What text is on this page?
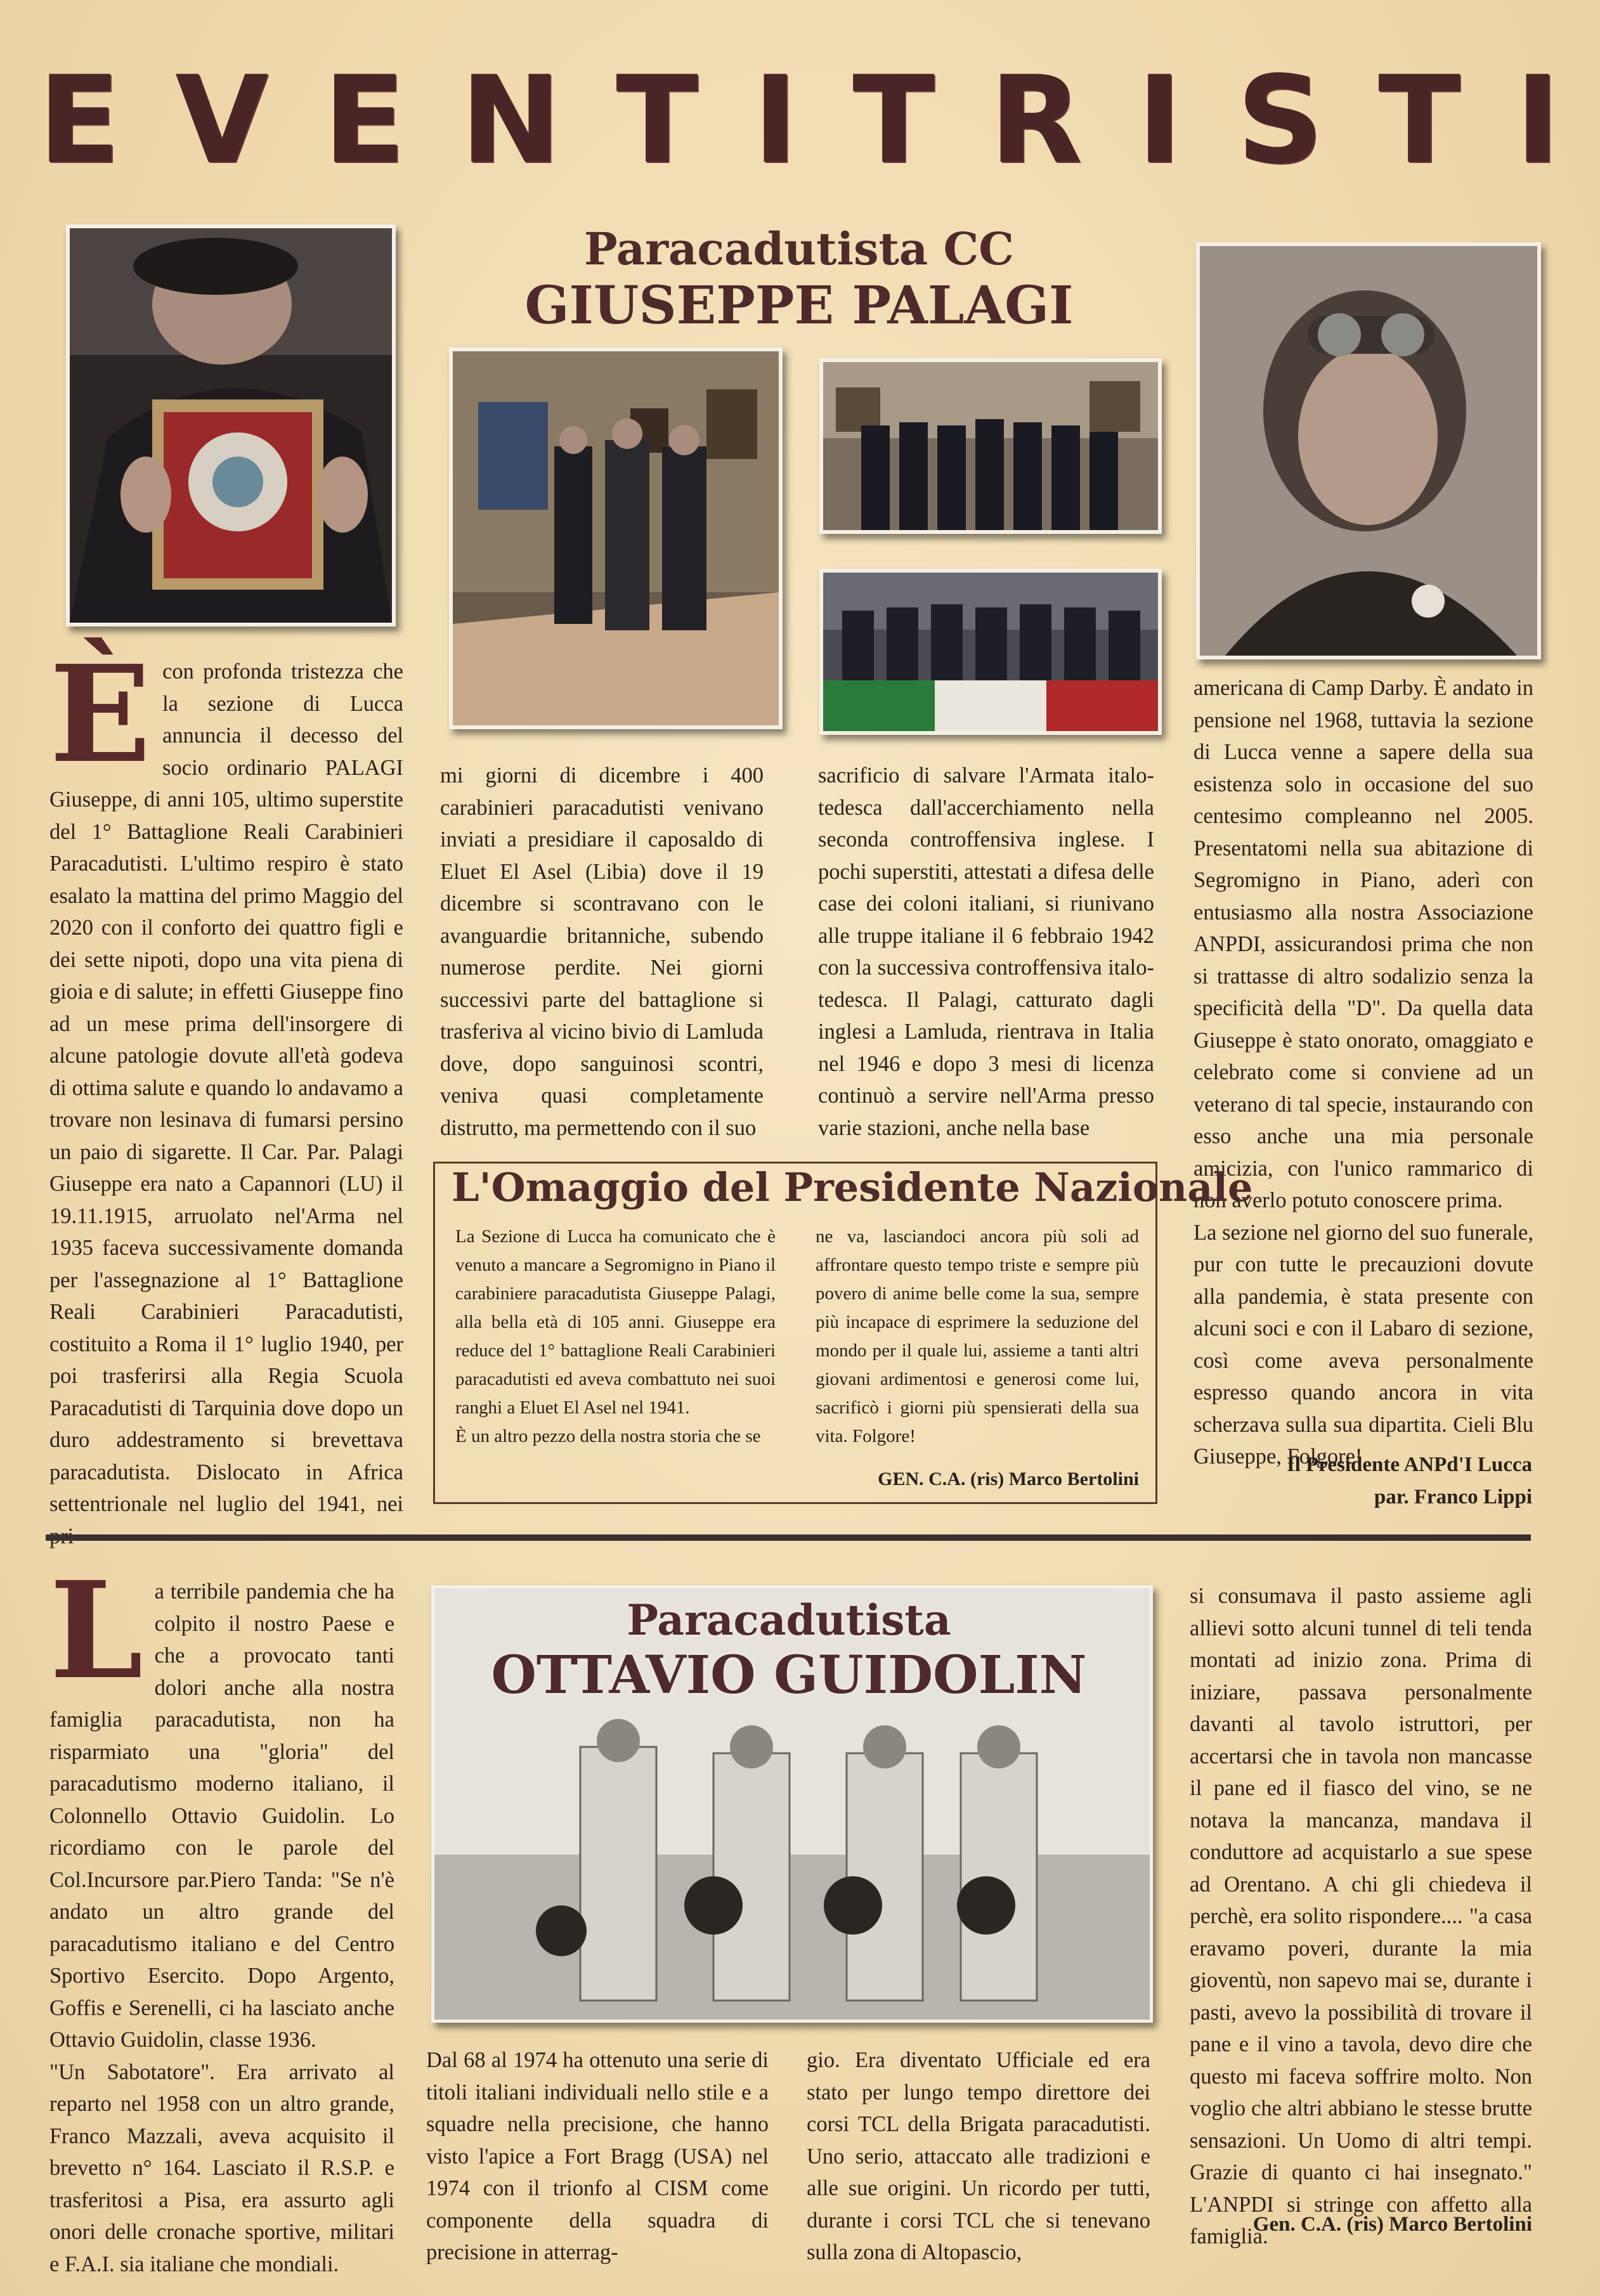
E V E N T I T R I S T I
Paracadutista CC
GIUSEPPE PALAGI
È con profonda tristezza che la sezione di Lucca annuncia il decesso del socio ordinario PALAGI Giuseppe, di anni 105, ultimo superstite del 1° Battaglione Reali Carabinieri Paracadutisti. L'ultimo respiro è stato esalato la mattina del primo Maggio del 2020 con il conforto dei quattro figli e dei sette nipoti, dopo una vita piena di gioia e di salute; in effetti Giuseppe fino ad un mese prima dell'insorgere di alcune patologie dovute all'età godeva di ottima salute e quando lo andavamo a trovare non lesinava di fumarsi persino un paio di sigarette. Il Car. Par. Palagi Giuseppe era nato a Capannori (LU) il 19.11.1915, arruolato nel'Arma nel 1935 faceva successivamente domanda per l'assegnazione al 1° Battaglione Reali Carabinieri Paracadutisti, costituito a Roma il 1° luglio 1940, per poi trasferirsi alla Regia Scuola Paracadutisti di Tarquinia dove dopo un duro addestramento si brevettava paracadutista. Dislocato in Africa settentrionale nel luglio del 1941, nei

mi giorni di dicembre i 400 carabinieri paracadutisti venivano inviati a presidiare il caposaldo di Eluet El Asel (Libia) dove il 19 dicembre si scontravano con le avanguardie britanniche, subendo numerose perdite. Nei giorni successivi parte del battaglione si trasferiva al vicino bivio di Lamluda dove, dopo sanguinosi scontri, veniva quasi completamente distrutto, ma permettendo con il suo

sacrificio di salvare l'Armata italo-tedesca dall'accerchiamento nella seconda controffensiva inglese. I pochi superstiti, attestati a difesa delle case dei coloni italiani, si riunivano alle truppe italiane il 6 febbraio 1942 con la successiva controffensiva italo-tedesca. Il Palagi, catturato dagli inglesi a Lamluda, rientrava in Italia nel 1946 e dopo 3 mesi di licenza continuò a servire nell'Arma presso varie stazioni, anche nella base

americana di Camp Darby. È andato in pensione nel 1968, tuttavia la sezione di Lucca venne a sapere della sua esistenza solo in occasione del suo centesimo compleanno nel 2005. Presentatomi nella sua abitazione di Segromigno in Piano, aderì con entusiasmo alla nostra Associazione ANPDI, assicurandosi prima che non si trattasse di altro sodalizio senza la specificità della "D". Da quella data Giuseppe è stato onorato, omaggiato e celebrato come si conviene ad un veterano di tal specie, instaurando con esso anche una mia personale amicizia, con l'unico rammarico di non averlo potuto conoscere prima.

La sezione nel giorno del suo funerale, pur con tutte le precauzioni dovute alla pandemia, è stata presente con alcuni soci e con il Labaro di sezione, così come aveva personalmente espresso quando ancora in vita scherzava sulla sua dipartita. Cieli Blu Giuseppe, Folgore!

Il Presidente ANPd'I Lucca
par. Franco Lippi
L'Omaggio del Presidente Nazionale
La Sezione di Lucca ha comunicato che è venuto a mancare a Segromigno in Piano il carabiniere paracadutista Giuseppe Palagi, alla bella età di 105 anni. Giuseppe era reduce del 1° battaglione Reali Carabinieri paracadutisti ed aveva combattuto nei suoi ranghi a Eluet El Asel nel 1941.
È un altro pezzo della nostra storia che se
ne va, lasciandoci ancora più soli ad affrontare questo tempo triste e sempre più povero di anime belle come la sua, sempre più incapace di esprimere la seduzione del mondo per il quale lui, assieme a tanti altri giovani ardimentosi e generosi come lui, sacrificò i giorni più spensierati della sua vita. Folgore!
GEN. C.A. (ris) Marco Bertolini
L a terribile pandemia che ha colpito il nostro Paese e che a provocato tanti dolori anche alla nostra famiglia paracadutista, non ha risparmiato una "gloria" del paracadutismo moderno italiano, il Colonnello Ottavio Guidolin. Lo ricordiamo con le parole del Col.Incursore par.Piero Tanda: "Se n'è andato un altro grande del paracadutismo italiano e del Centro Sportivo Esercito. Dopo Argento, Goffis e Serenelli, ci ha lasciato anche Ottavio Guidolin, classe 1936.

"Un Sabotatore". Era arrivato al reparto nel 1958 con un altro grande, Franco Mazzali, aveva acquisito il brevetto n° 164. Lasciato il R.S.P. e trasferitosi a Pisa, era assurto agli onori delle cronache sportive, militari e F.A.I. sia italiane che mondiali.

Paracadutista
OTTAVIO GUIDOLIN

Dal 68 al 1974 ha ottenuto una serie di titoli italiani individuali nello stile e a squadre nella precisione, che hanno visto l'apice a Fort Bragg (USA) nel 1974 con il trionfo al CISM come componente della squadra di precisione in atterrag-

gio. Era diventato Ufficiale ed era stato per lungo tempo direttore dei corsi TCL della Brigata paracadutisti. Uno serio, attaccato alle tradizioni e alle sue origini. Un ricordo per tutti, durante i corsi TCL che si tenevano sulla zona di Altopascio,

si consumava il pasto assieme agli allievi sotto alcuni tunnel di teli tenda montati ad inizio zona. Prima di iniziare, passava personalmente davanti al tavolo istruttori, per accertarsi che in tavola non mancasse il pane ed il fiasco del vino, se ne notava la mancanza, mandava il conduttore ad acquistarlo a sue spese ad Orentano. A chi gli chiedeva il perchè, era solito rispondere.... "a casa eravamo poveri, durante la mia gioventù, non sapevo mai se, durante i pasti, avevo la possibilità di trovare il pane e il vino a tavola, devo dire che questo mi faceva soffrire molto. Non voglio che altri abbiano le stesse brutte sensazioni. Un Uomo di altri tempi. Grazie di quanto ci hai insegnato." L'ANPDI si stringe con affetto alla famiglia.

Gen. C.A. (ris) Marco Bertolini
